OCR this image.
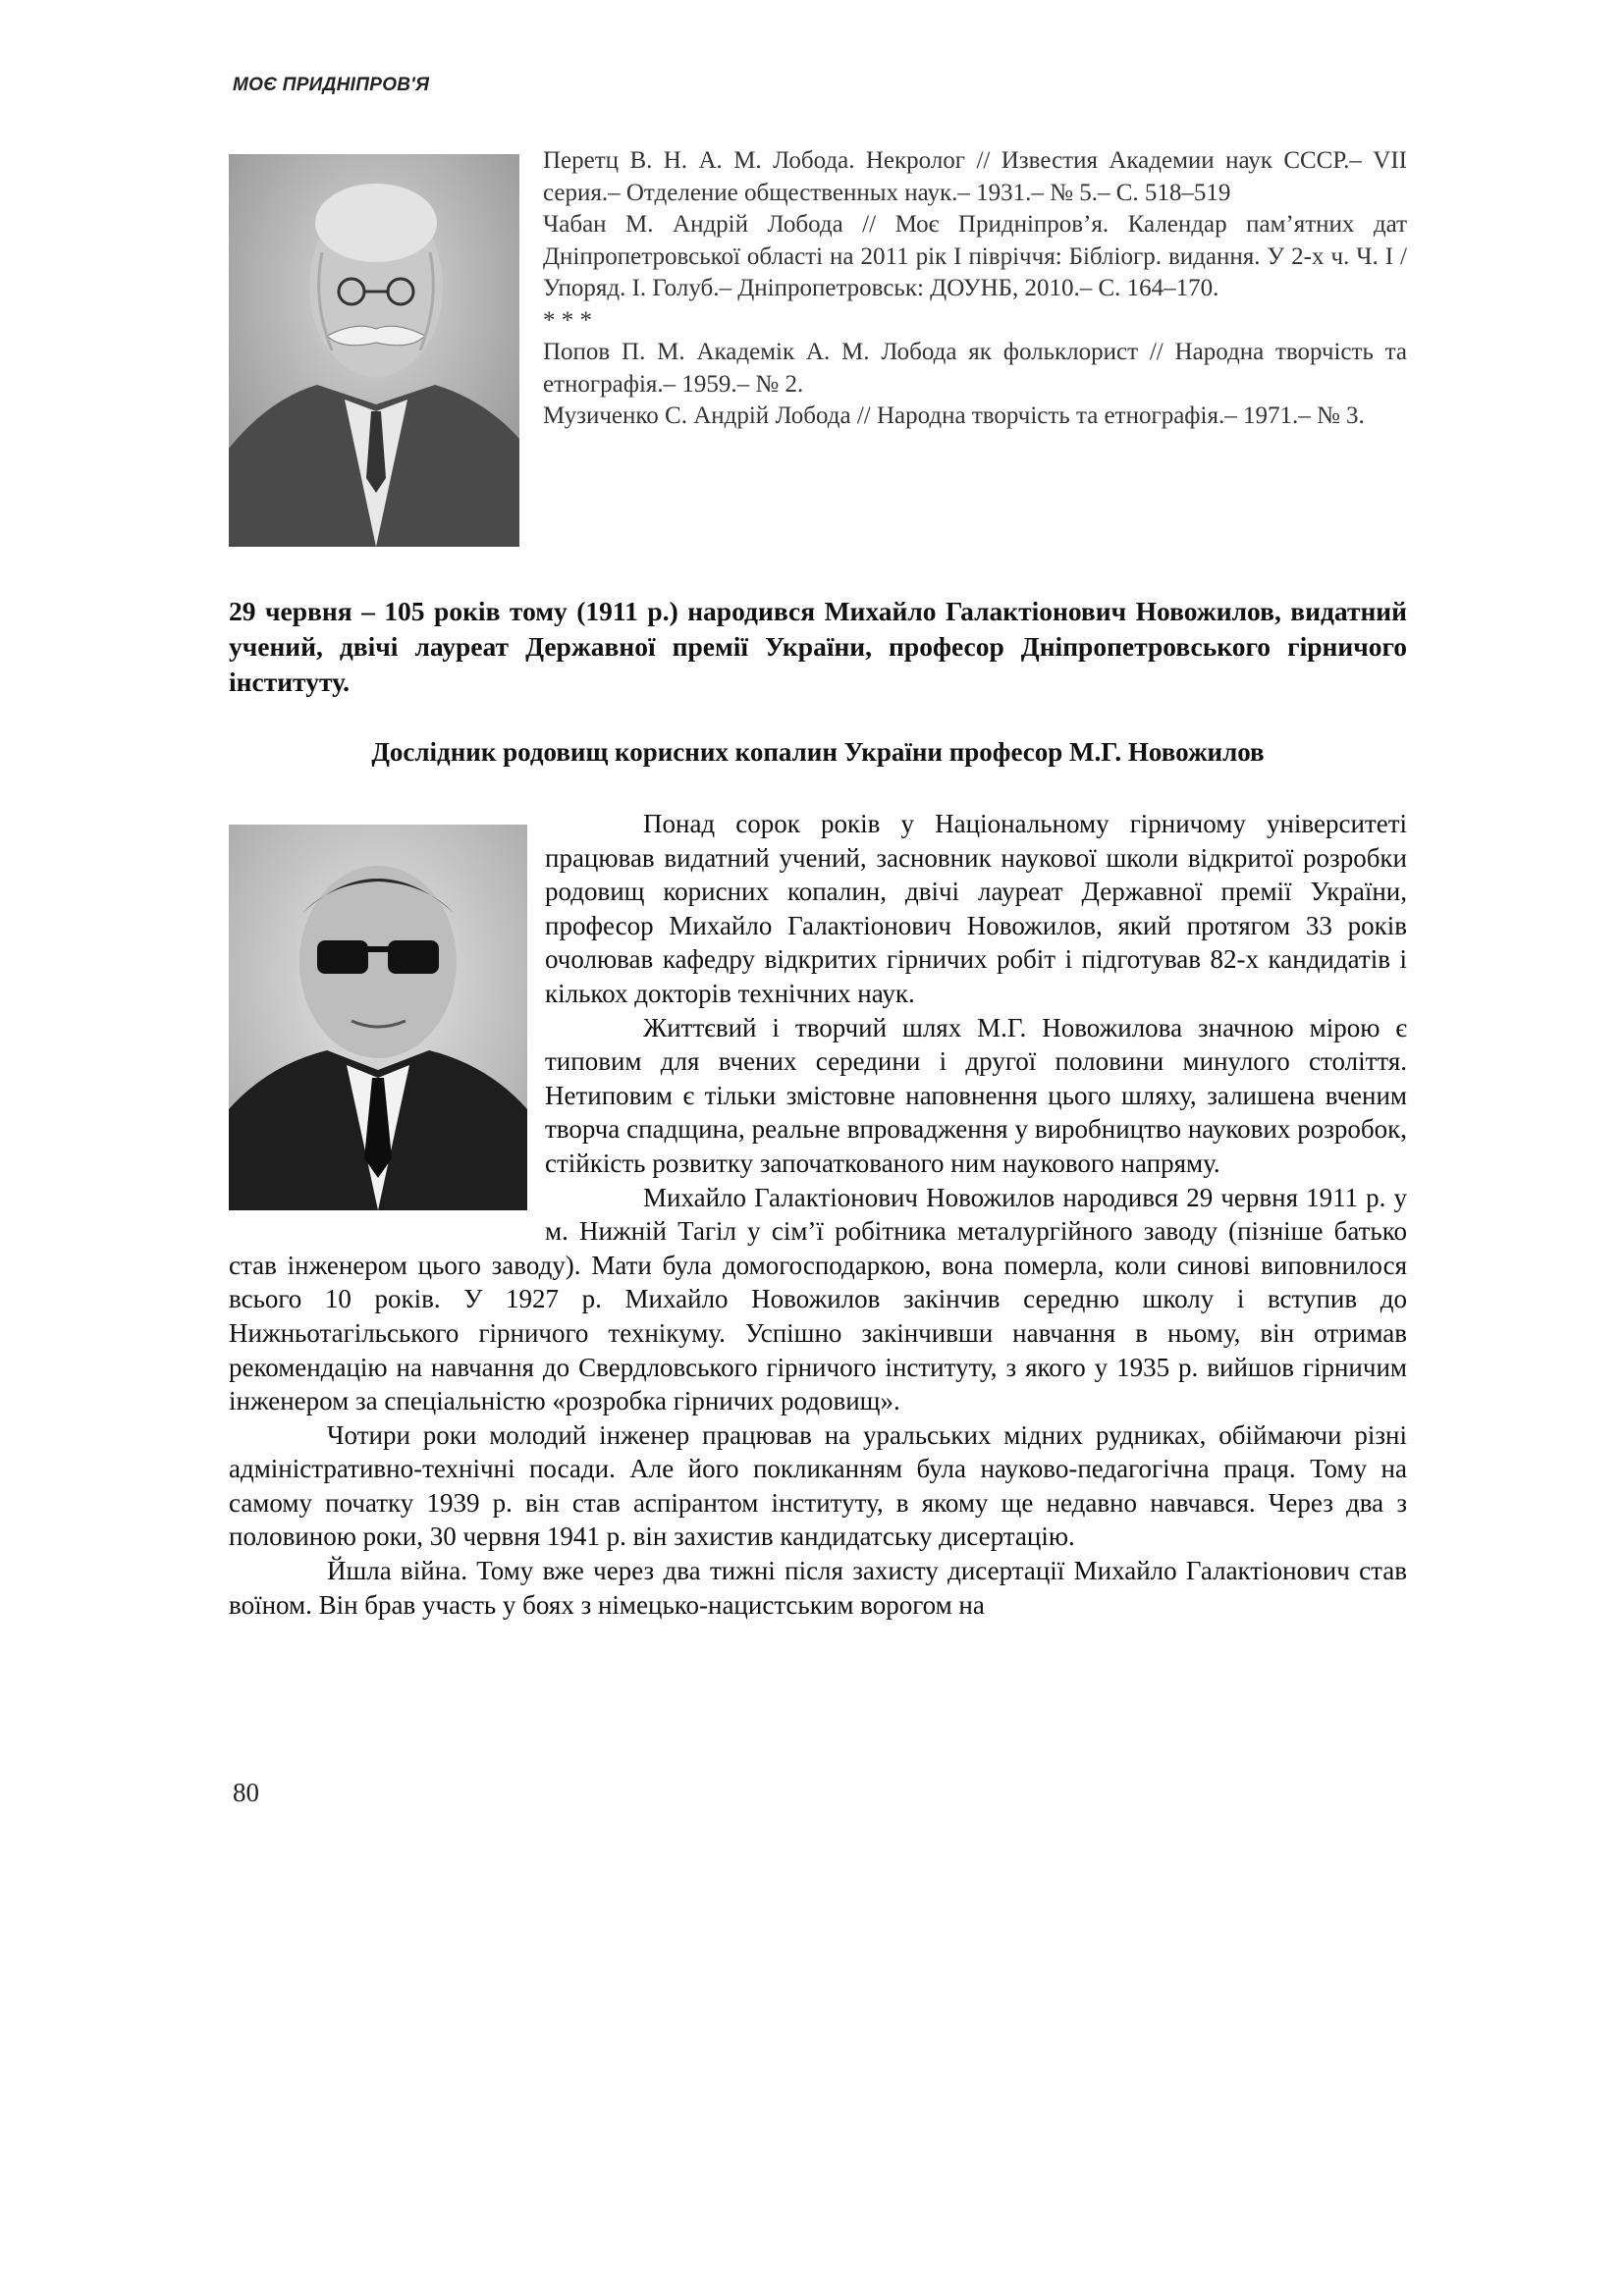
МОЄ ПРИДНІПРОВ'Я

Перетц В. Н. А. М. Лобода. Некролог // Известия Академии наук СССР.– VII серия.– Отделение общественных наук.– 1931.– № 5.– С. 518–519

Чабан М. Андрій Лобода // Моє Придніпров’я. Календар пам’ятних дат Дніпропетровської області на 2011 рік І півріччя: Бібліогр. видання. У 2-х ч. Ч. І / Упоряд. І. Голуб.– Дніпропетровськ: ДОУНБ, 2010.– С. 164–170.

* * *

Попов П. М. Академік А. М. Лобода як фольклорист // Народна творчість та етнографія.– 1959.– № 2.

Музиченко С. Андрій Лобода // Народна творчість та етнографія.– 1971.– № 3.

29 червня – 105 років тому (1911 р.) народився Михайло Галактіонович Новожилов, видатний учений, двічі лауреат Державної премії України, професор Дніпропетровського гірничого інституту.
Дослідник родовищ корисних копалин України професор М.Г. Новожилов

Понад сорок років у Національному гірничому університеті працював видатний учений, засновник наукової школи відкритої розробки родовищ корисних копалин, двічі лауреат Державної премії України, професор Михайло Галактіонович Новожилов, який протягом 33 років очолював кафедру відкритих гірничих робіт і підготував 82-х кандидатів і кількох докторів технічних наук.

Життєвий і творчий шлях М.Г. Новожилова значною мірою є типовим для вчених середини і другої половини минулого століття. Нетиповим є тільки змістовне наповнення цього шляху, залишена вченим творча спадщина, реальне впровадження у виробництво наукових розробок, стійкість розвитку започаткованого ним наукового напряму.

Михайло Галактіонович Новожилов народився 29 червня 1911 р. у м. Нижній Тагіл у сім’ї робітника металургійного заводу (пізніше батько став інженером цього заводу). Мати була домогосподаркою, вона померла, коли синові виповнилося всього 10 років. У 1927 р. Михайло Новожилов закінчив середню школу і вступив до Нижньотагільського гірничого технікуму. Успішно закінчивши навчання в ньому, він отримав рекомендацію на навчання до Свердловського гірничого інституту, з якого у 1935 р. вийшов гірничим інженером за спеціальністю «розробка гірничих родовищ».

Чотири роки молодий інженер працював на уральських мідних рудниках, обіймаючи різні адміністративно-технічні посади. Але його покликанням була науково-педагогічна праця. Тому на самому початку 1939 р. він став аспірантом інституту, в якому ще недавно навчався. Через два з половиною роки, 30 червня 1941 р. він захистив кандидатську дисертацію.

Йшла війна. Тому вже через два тижні після захисту дисертації Михайло Галактіонович став воїном. Він брав участь у боях з німецько-нацистським ворогом на

80
